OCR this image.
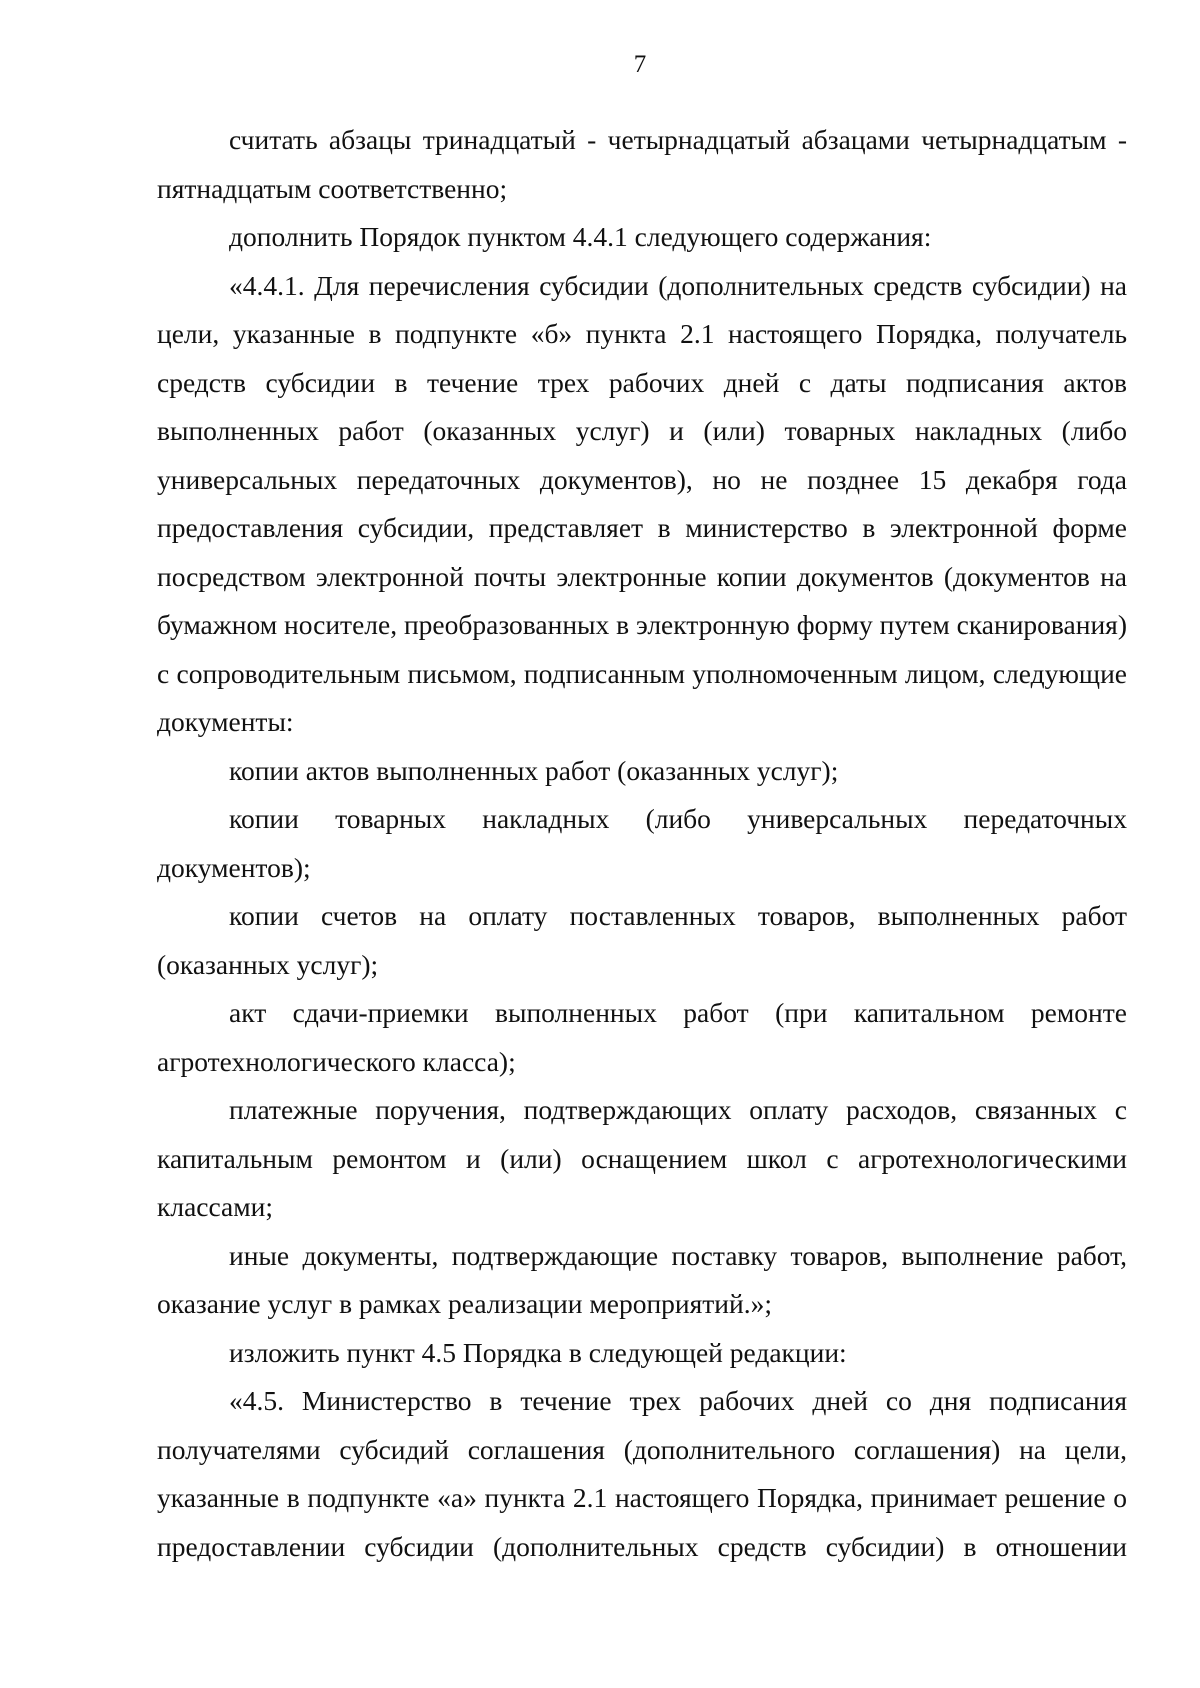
7

считать абзацы тринадцатый - четырнадцатый абзацами четырнадцатым - пятнадцатым соответственно;

дополнить Порядок пунктом 4.4.1 следующего содержания:

«4.4.1. Для перечисления субсидии (дополнительных средств субсидии) на цели, указанные в подпункте «б» пункта 2.1 настоящего Порядка, получатель средств субсидии в течение трех рабочих дней с даты подписания актов выполненных работ (оказанных услуг) и (или) товарных накладных (либо универсальных передаточных документов), но не позднее 15 декабря года предоставления субсидии, представляет в министерство в электронной форме посредством электронной почты электронные копии документов (документов на бумажном носителе, преобразованных в электронную форму путем сканирования) с сопроводительным письмом, подписанным уполномоченным лицом, следующие документы:

копии актов выполненных работ (оказанных услуг);

копии товарных накладных (либо универсальных передаточных документов);

копии счетов на оплату поставленных товаров, выполненных работ (оказанных услуг);

акт сдачи-приемки выполненных работ (при капитальном ремонте агротехнологического класса);

платежные поручения, подтверждающих оплату расходов, связанных с капитальным ремонтом и (или) оснащением школ с агротехнологическими классами;

иные документы, подтверждающие поставку товаров, выполнение работ, оказание услуг в рамках реализации мероприятий.»;

изложить пункт 4.5 Порядка в следующей редакции:

«4.5. Министерство в течение трех рабочих дней со дня подписания получателями субсидий соглашения (дополнительного соглашения) на цели, указанные в подпункте «а» пункта 2.1 настоящего Порядка, принимает решение о предоставлении субсидии (дополнительных средств субсидии) в отношении
